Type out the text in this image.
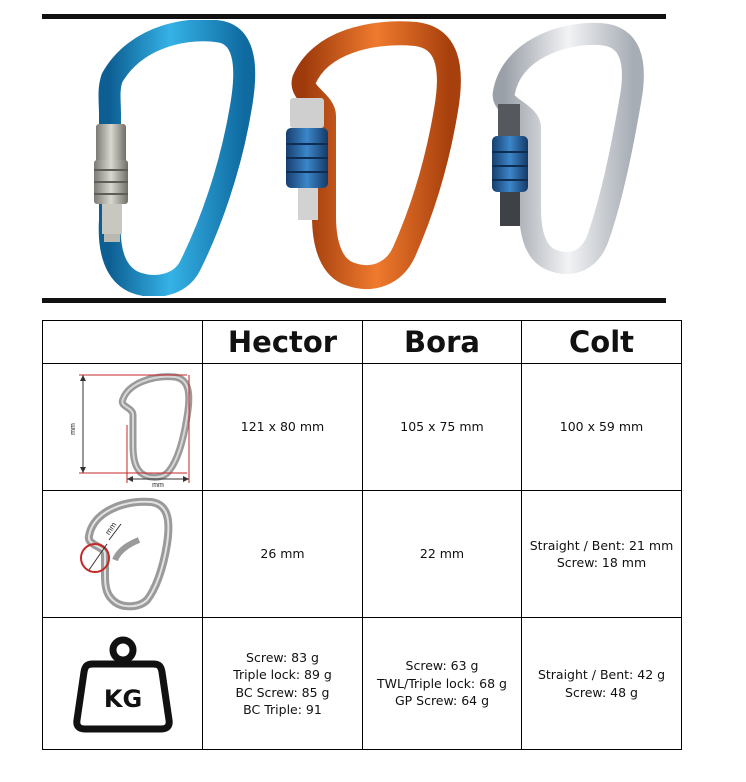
	Hector	Bora	Colt

mm
mm	121 x 80 mm	105 x 75 mm	100 x 59 mm

mm	26 mm	22 mm	Straight / Bent: 21 mm
Screw: 18 mm

KG	Screw: 83 g
Triple lock: 89 g
BC Screw: 85 g
BC Triple: 91	Screw: 63 g
TWL/Triple lock: 68 g
GP Screw: 64 g	Straight / Bent: 42 g
Screw: 48 g
